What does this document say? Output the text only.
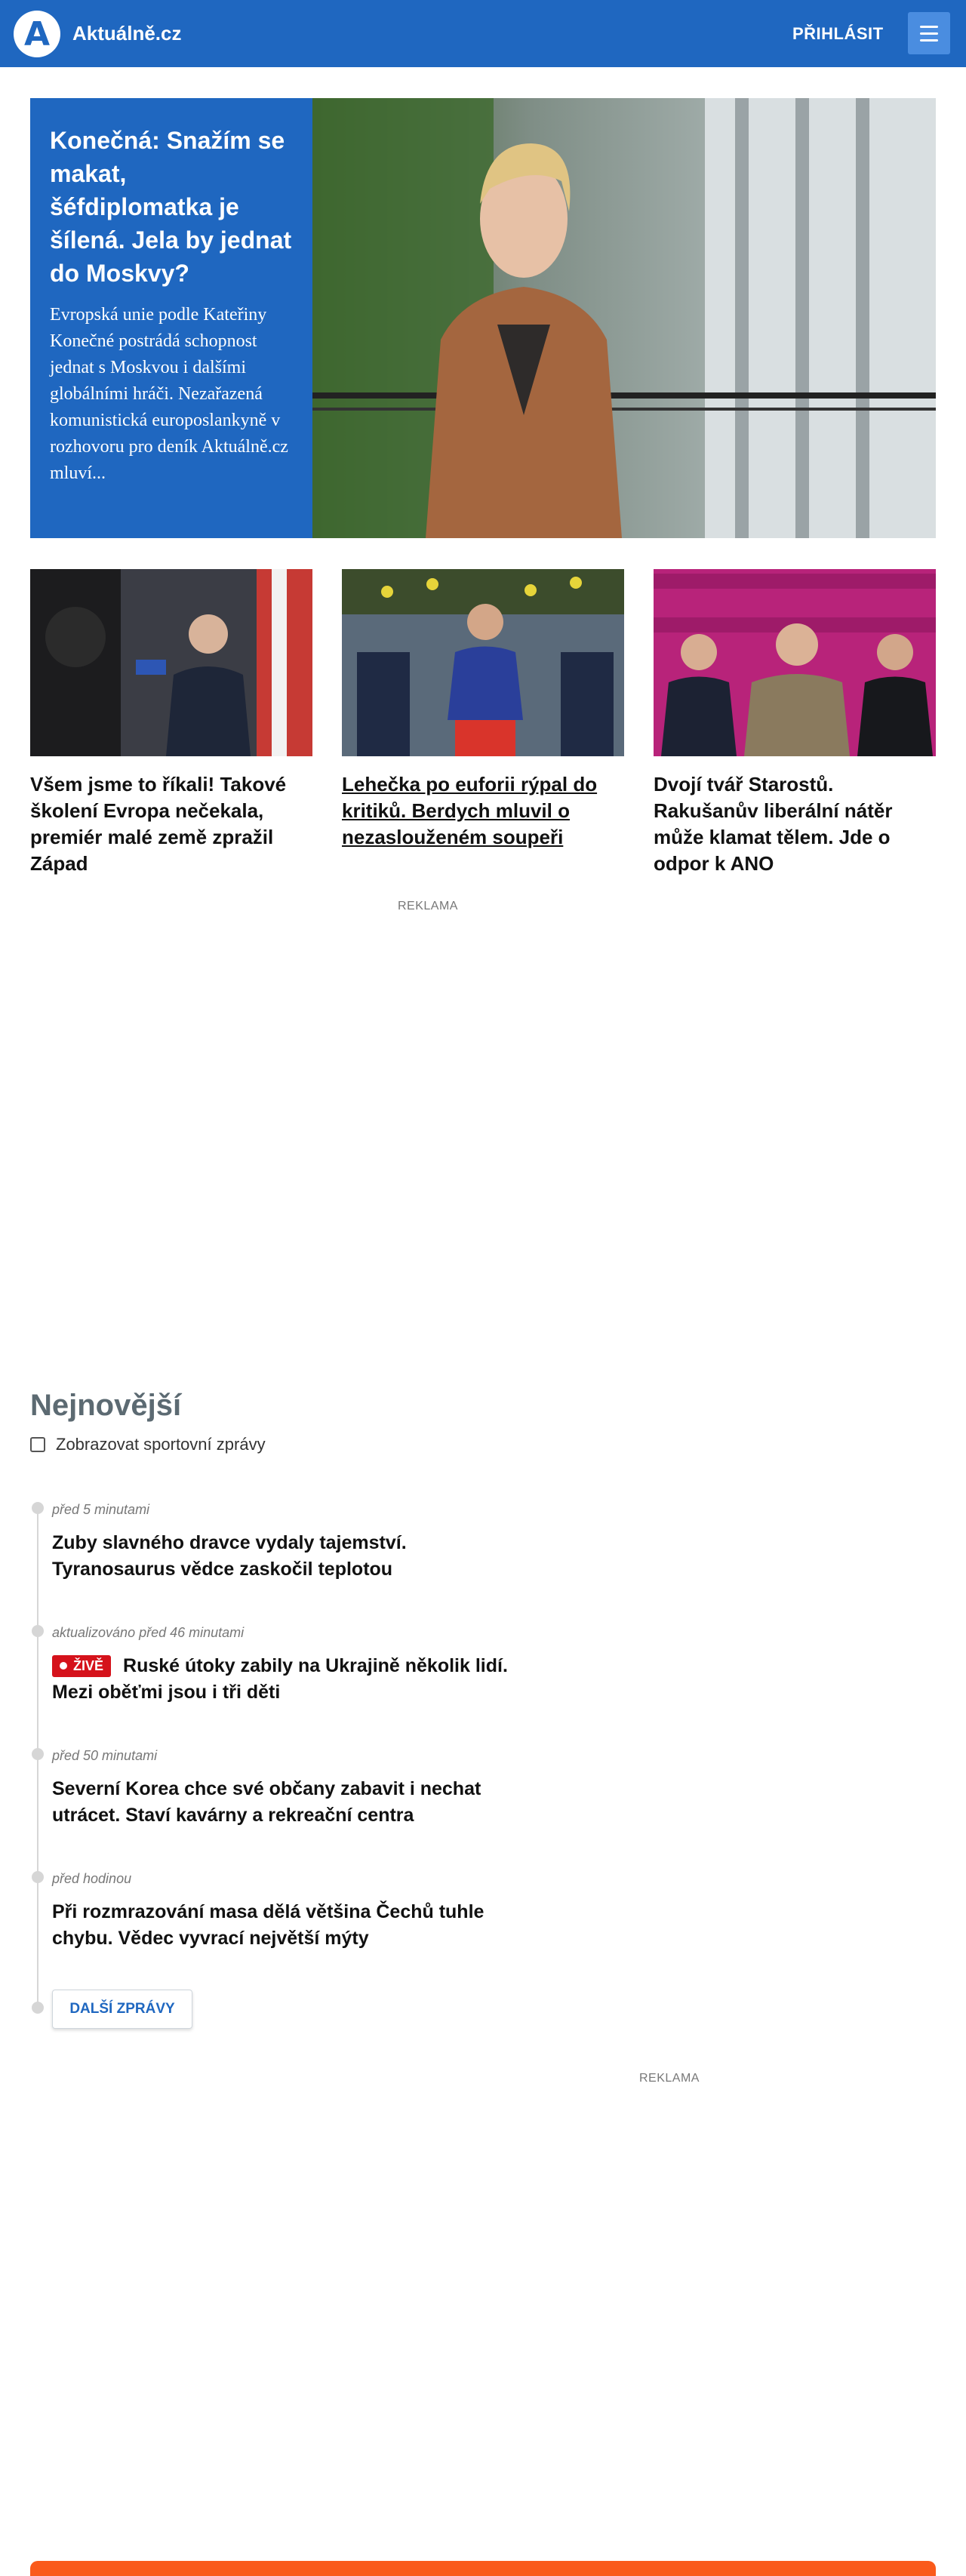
A	Aktuálně.cz	PŘIHLÁSIT
Konečná: Snažím se makat, šéfdiplomatka je šílená. Jela by jednat do Moskvy?
Evropská unie podle Kateřiny Konečné postrádá schopnost jednat s Moskvou i dalšími globálními hráči. Nezařazená komunistická europoslankyně v rozhovoru pro deník Aktuálně.cz mluví...
Všem jsme to říkali! Takové školení Evropa nečekala, premiér malé země zpražil Západ
Lehečka po euforii rýpal do kritiků. Berdych mluvil o nezaslouženém soupeři
Dvojí tvář Starostů. Rakušanův liberální nátěr může klamat tělem. Jde o odpor k ANO
REKLAMA
Nejnovější
Zobrazovat sportovní zprávy
před 5 minutami
Zuby slavného dravce vydaly tajemství. Tyranosaurus vědce zaskočil teplotou
aktualizováno před 46 minutami
ŽIVĚ Ruské útoky zabily na Ukrajině několik lidí. Mezi oběťmi jsou i tři děti
před 50 minutami
Severní Korea chce své občany zabavit i nechat utrácet. Staví kavárny a rekreační centra
před hodinou
Při rozmrazování masa dělá většina Čechů tuhle chybu. Vědec vyvrací největší mýty
DALŠÍ ZPRÁVY
REKLAMA
